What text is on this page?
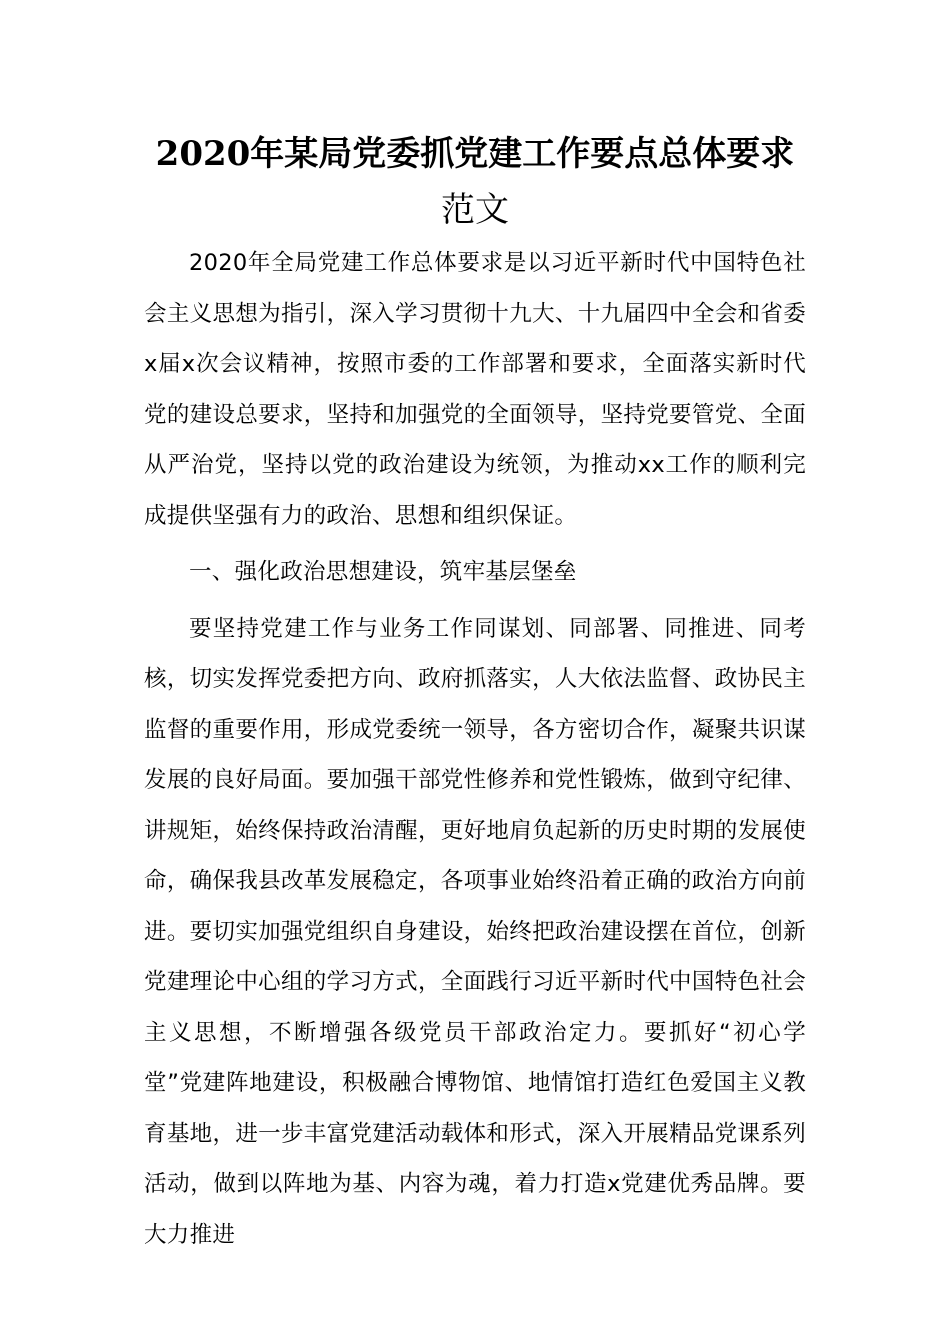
2020年某局党委抓党建工作要点总体要求范文

2020年全局党建工作总体要求是以习近平新时代中国特色社会主义思想为指引，深入学习贯彻十九大、十九届四中全会和省委x届x次会议精神，按照市委的工作部署和要求，全面落实新时代党的建设总要求，坚持和加强党的全面领导，坚持党要管党、全面从严治党，坚持以党的政治建设为统领，为推动xx工作的顺利完成提供坚强有力的政治、思想和组织保证。

一、强化政治思想建设，筑牢基层堡垒

要坚持党建工作与业务工作同谋划、同部署、同推进、同考核，切实发挥党委把方向、政府抓落实，人大依法监督、政协民主监督的重要作用，形成党委统一领导，各方密切合作，凝聚共识谋发展的良好局面。要加强干部党性修养和党性锻炼，做到守纪律、讲规矩，始终保持政治清醒，更好地肩负起新的历史时期的发展使命，确保我县改革发展稳定，各项事业始终沿着正确的政治方向前进。要切实加强党组织自身建设，始终把政治建设摆在首位，创新党建理论中心组的学习方式，全面践行习近平新时代中国特色社会主义思想，不断增强各级党员干部政治定力。要抓好“初心学堂”党建阵地建设，积极融合博物馆、地情馆打造红色爱国主义教育基地，进一步丰富党建活动载体和形式，深入开展精品党课系列活动，做到以阵地为基、内容为魂，着力打造x党建优秀品牌。要大力推进
